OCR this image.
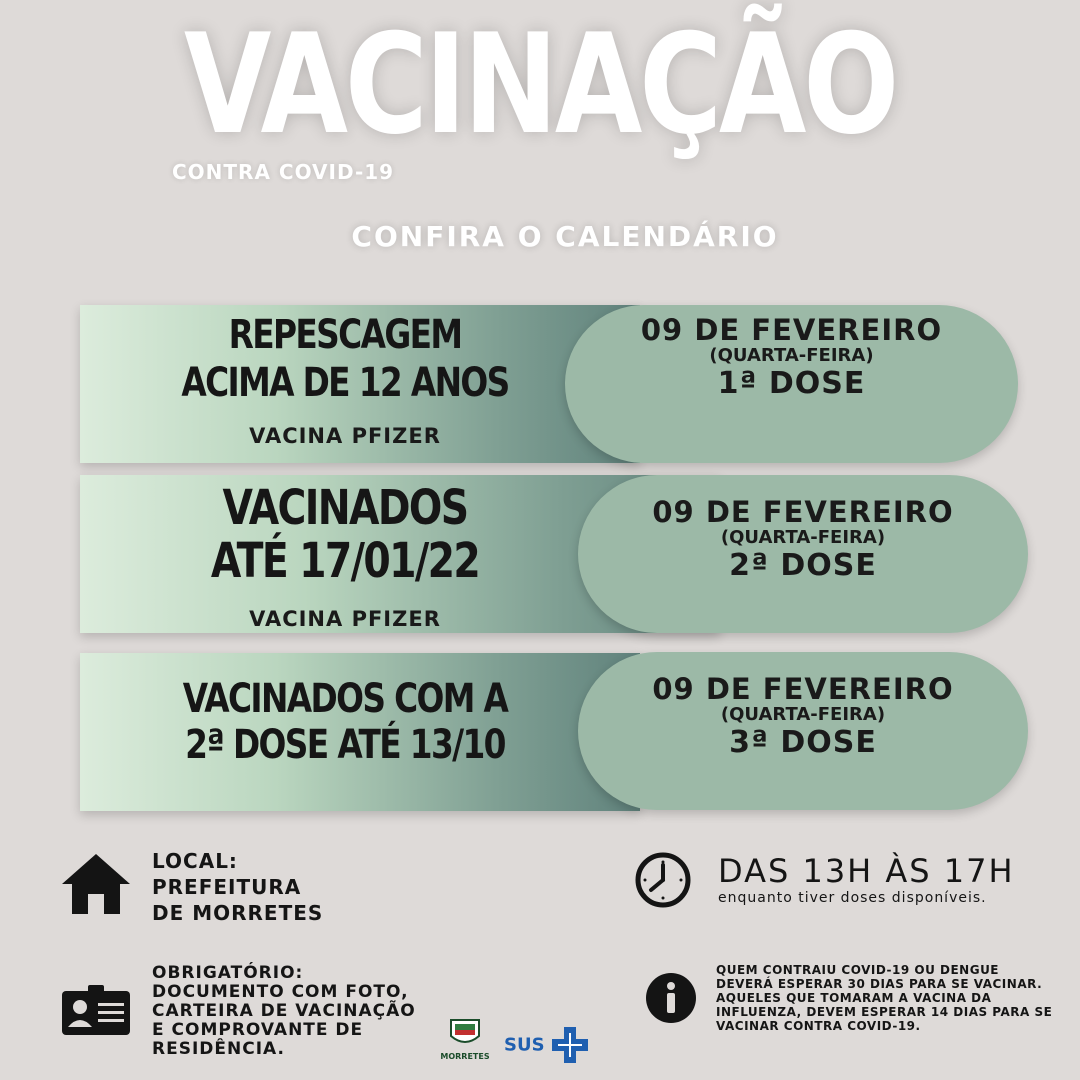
VACINAÇÃO
CONTRA COVID-19
CONFIRA O CALENDÁRIO
REPESCAGEM
ACIMA DE 12 ANOS
VACINA PFIZER
09 DE FEVEREIRO
(QUARTA-FEIRA)
1ª DOSE
VACINADOS
ATÉ 17/01/22
VACINA PFIZER
09 DE FEVEREIRO
(QUARTA-FEIRA)
2ª DOSE
VACINADOS COM A
2ª DOSE ATÉ 13/10
09 DE FEVEREIRO
(QUARTA-FEIRA)
3ª DOSE
LOCAL:
PREFEITURA
DE MORRETES
DAS 13H ÀS 17H
enquanto tiver doses disponíveis.
OBRIGATÓRIO:
DOCUMENTO COM FOTO,
CARTEIRA DE VACINAÇÃO
E COMPROVANTE DE
RESIDÊNCIA.	MORRETES
SUS
QUEM CONTRAIU COVID-19 OU DENGUE DEVERÁ ESPERAR 30 DIAS PARA SE VACINAR. AQUELES QUE TOMARAM A VACINA DA INFLUENZA, DEVEM ESPERAR 14 DIAS PARA SE VACINAR CONTRA COVID-19.
